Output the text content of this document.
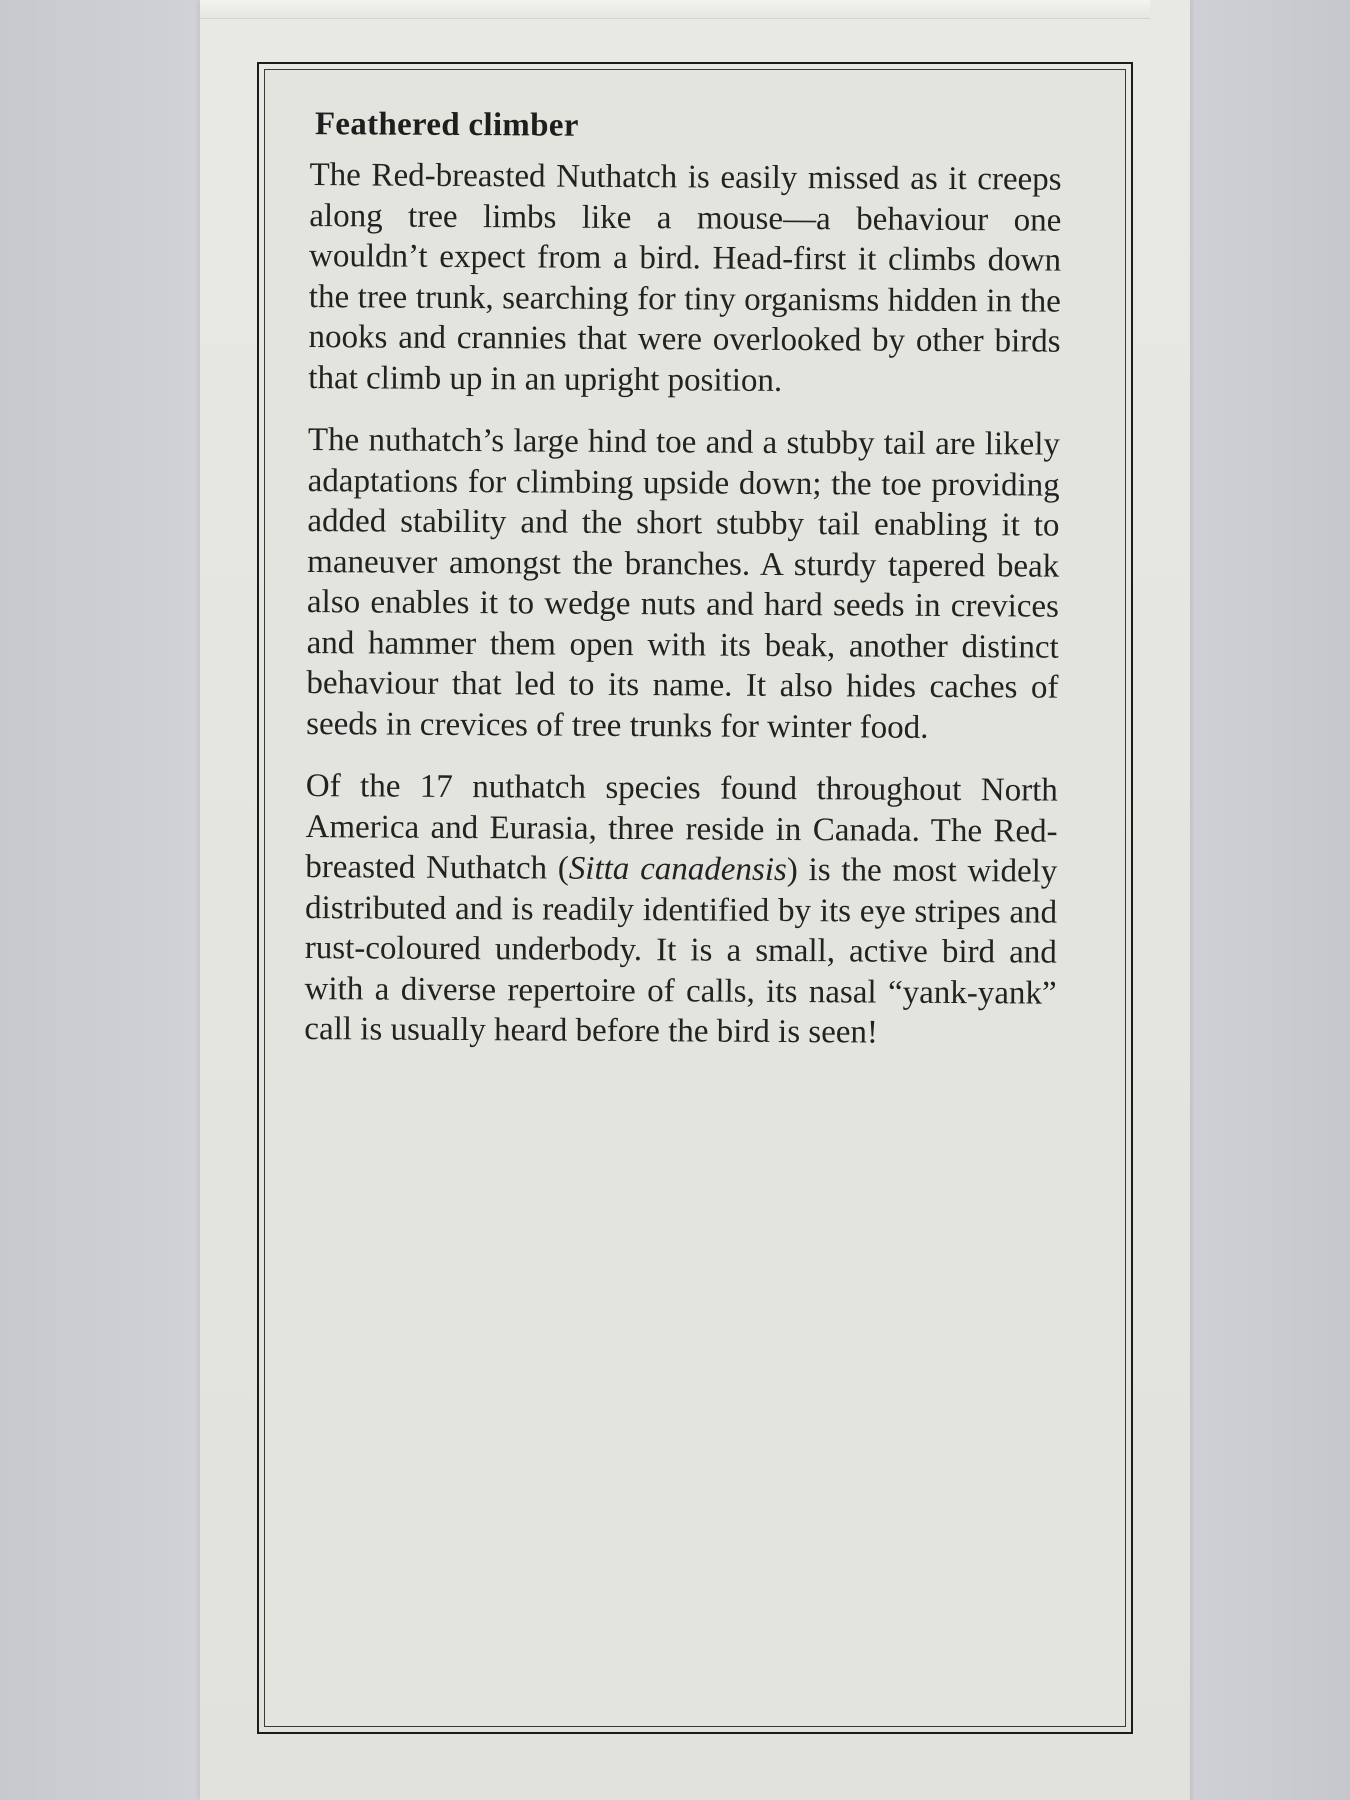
Feathered climber

The Red-breasted Nuthatch is easily missed as it creeps along tree limbs like a mouse—a behaviour one wouldn’t expect from a bird. Head-first it climbs down the tree trunk, searching for tiny organisms hidden in the nooks and crannies that were overlooked by other birds that climb up in an upright position.

The nuthatch’s large hind toe and a stubby tail are likely adaptations for climbing upside down; the toe providing added stability and the short stubby tail enabling it to maneuver amongst the branches. A sturdy tapered beak also enables it to wedge nuts and hard seeds in crevices and hammer them open with its beak, another distinct behaviour that led to its name. It also hides caches of seeds in crevices of tree trunks for winter food.

Of the 17 nuthatch species found throughout North America and Eurasia, three reside in Canada. The Red-breasted Nuthatch (Sitta canadensis) is the most widely distributed and is readily identified by its eye stripes and rust-coloured underbody. It is a small, active bird and with a diverse repertoire of calls, its nasal “yank-yank” call is usually heard before the bird is seen!
